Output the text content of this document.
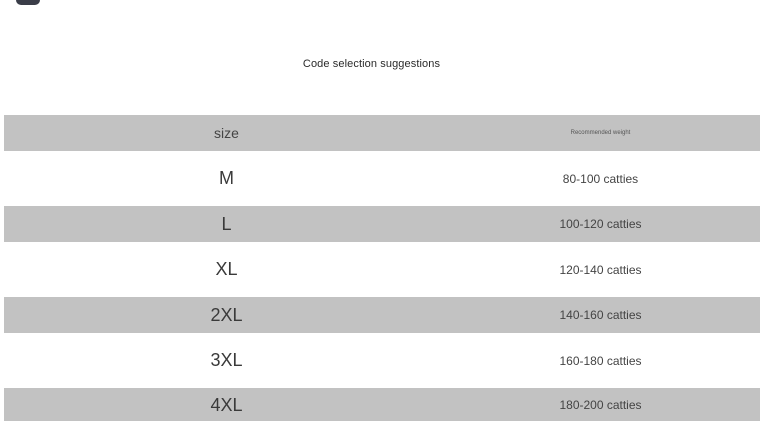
Code selection suggestions
size	Recommended weight
M	80-100 catties
L	100-120 catties
XL	120-140 catties
2XL	140-160 catties
3XL	160-180 catties
4XL	180-200 catties
